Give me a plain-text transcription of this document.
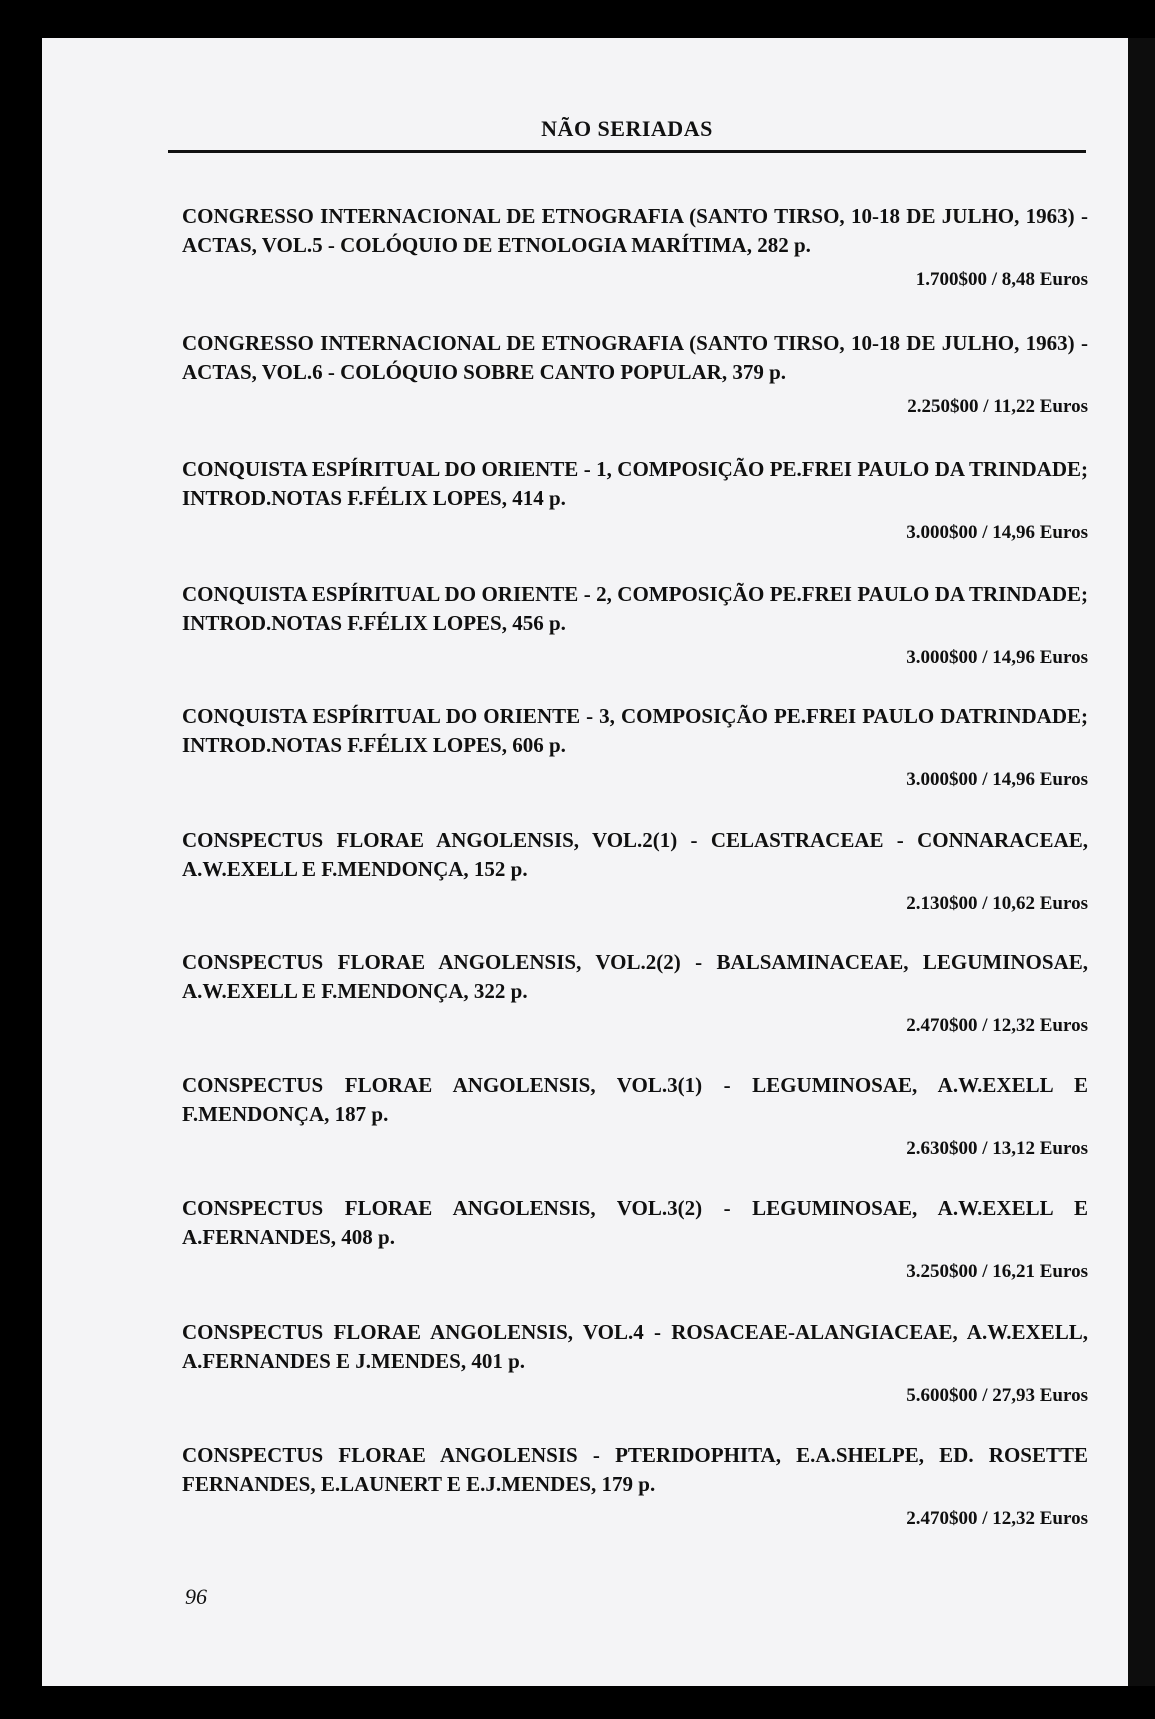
NÃO SERIADAS
CONGRESSO INTERNACIONAL DE ETNOGRAFIA (SANTO TIRSO, 10-18 DE JULHO, 1963) - ACTAS, VOL.5 - COLÓQUIO DE ETNOLOGIA MARÍTIMA, 282 p.
1.700$00 / 8,48 Euros
CONGRESSO INTERNACIONAL DE ETNOGRAFIA (SANTO TIRSO, 10-18 DE JULHO, 1963) - ACTAS, VOL.6 - COLÓQUIO SOBRE CANTO POPULAR, 379 p.
2.250$00 / 11,22 Euros
CONQUISTA ESPÍRITUAL DO ORIENTE - 1, COMPOSIÇÃO PE.FREI PAULO DA TRINDADE; INTROD.NOTAS F.FÉLIX LOPES, 414 p.
3.000$00 / 14,96 Euros
CONQUISTA ESPÍRITUAL DO ORIENTE - 2, COMPOSIÇÃO PE.FREI PAULO DA TRINDADE; INTROD.NOTAS F.FÉLIX LOPES, 456 p.
3.000$00 / 14,96 Euros
CONQUISTA ESPÍRITUAL DO ORIENTE - 3, COMPOSIÇÃO PE.FREI PAULO DATRINDADE; INTROD.NOTAS F.FÉLIX LOPES, 606 p.
3.000$00 / 14,96 Euros
CONSPECTUS FLORAE ANGOLENSIS, VOL.2(1) - CELASTRACEAE - CONNARACEAE, A.W.EXELL E F.MENDONÇA, 152 p.
2.130$00 / 10,62 Euros
CONSPECTUS FLORAE ANGOLENSIS, VOL.2(2) - BALSAMINACEAE, LEGUMINOSAE, A.W.EXELL E F.MENDONÇA, 322 p.
2.470$00 / 12,32 Euros
CONSPECTUS FLORAE ANGOLENSIS, VOL.3(1) - LEGUMINOSAE, A.W.EXELL E F.MENDONÇA, 187 p.
2.630$00 / 13,12 Euros
CONSPECTUS FLORAE ANGOLENSIS, VOL.3(2) - LEGUMINOSAE, A.W.EXELL E A.FERNANDES, 408 p.
3.250$00 / 16,21 Euros
CONSPECTUS FLORAE ANGOLENSIS, VOL.4 - ROSACEAE-ALANGIACEAE, A.W.EXELL, A.FERNANDES E J.MENDES, 401 p.
5.600$00 / 27,93 Euros
CONSPECTUS FLORAE ANGOLENSIS - PTERIDOPHITA, E.A.SHELPE, ED. ROSETTE FERNANDES, E.LAUNERT E E.J.MENDES, 179 p.
2.470$00 / 12,32 Euros
96
